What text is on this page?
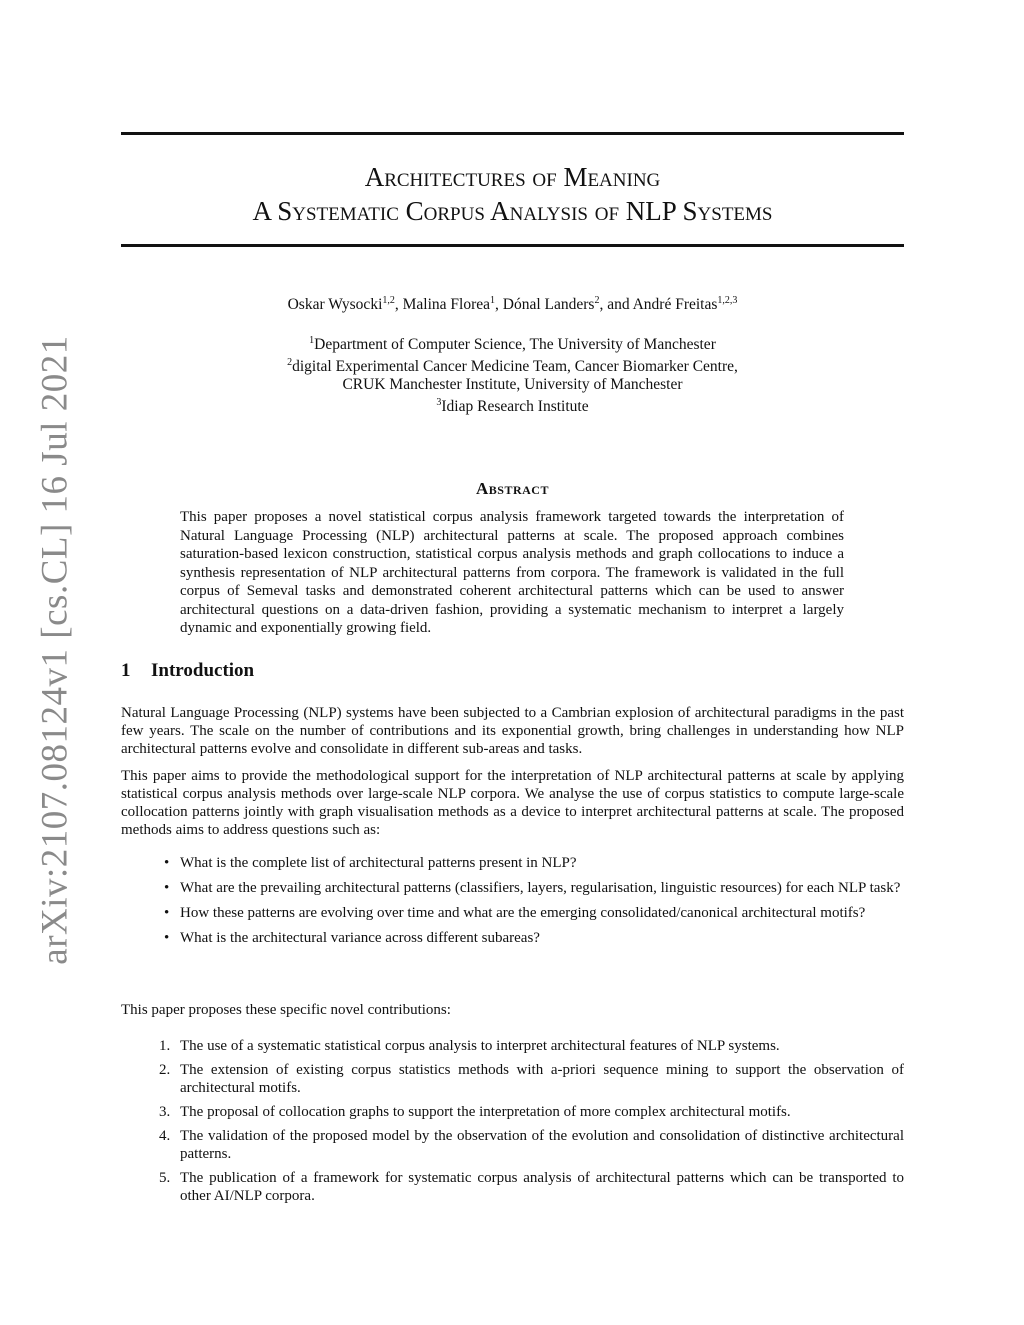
arXiv:2107.08124v1 [cs.CL] 16 Jul 2021
Architectures of Meaning
A Systematic Corpus Analysis of NLP Systems
Oskar Wysocki$^{1,2}$, Malina Florea$^1$, Dónal Landers$^2$, and André Freitas$^{1,2,3}$
$^1$Department of Computer Science, The University of Manchester
$^2$digital Experimental Cancer Medicine Team, Cancer Biomarker Centre,
CRUK Manchester Institute, University of Manchester
$^3$Idiap Research Institute
Abstract
This paper proposes a novel statistical corpus analysis framework targeted towards the interpretation of Natural Language Processing (NLP) architectural patterns at scale. The proposed approach combines saturation-based lexicon construction, statistical corpus analysis methods and graph collocations to induce a synthesis representation of NLP architectural patterns from corpora. The framework is validated in the full corpus of Semeval tasks and demonstrated coherent architectural patterns which can be used to answer architectural questions on a data-driven fashion, providing a systematic mechanism to interpret a largely dynamic and exponentially growing field.
1 Introduction
Natural Language Processing (NLP) systems have been subjected to a Cambrian explosion of architectural paradigms in the past few years. The scale on the number of contributions and its exponential growth, bring challenges in understanding how NLP architectural patterns evolve and consolidate in different sub-areas and tasks.
This paper aims to provide the methodological support for the interpretation of NLP architectural patterns at scale by applying statistical corpus analysis methods over large-scale NLP corpora. We analyse the use of corpus statistics to compute large-scale collocation patterns jointly with graph visualisation methods as a device to interpret architectural patterns at scale. The proposed methods aims to address questions such as:
• What is the complete list of architectural patterns present in NLP?
• What are the prevailing architectural patterns (classifiers, layers, regularisation, linguistic resources) for each NLP task?
• How these patterns are evolving over time and what are the emerging consolidated/canonical architectural motifs?
• What is the architectural variance across different subareas?
This paper proposes these specific novel contributions:
1. The use of a systematic statistical corpus analysis to interpret architectural features of NLP systems.
2. The extension of existing corpus statistics methods with a-priori sequence mining to support the observation of architectural motifs.
3. The proposal of collocation graphs to support the interpretation of more complex architectural motifs.
4. The validation of the proposed model by the observation of the evolution and consolidation of distinctive architectural patterns.
5. The publication of a framework for systematic corpus analysis of architectural patterns which can be transported to other AI/NLP corpora.
